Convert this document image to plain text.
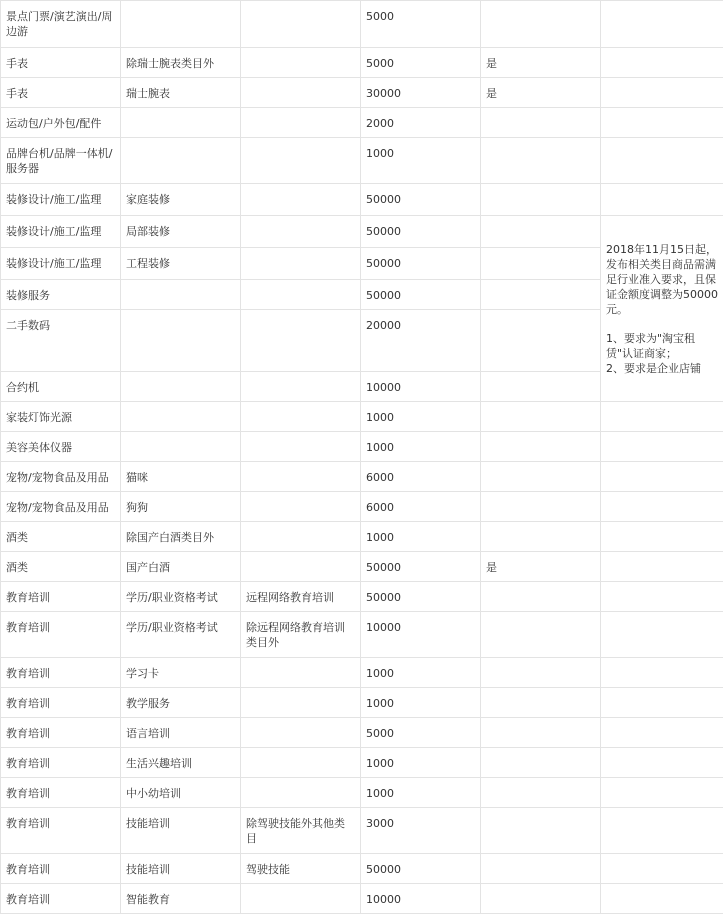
景点门票/演艺演出/周边游			5000		
手表	除瑞士腕表类目外		5000	是	
手表	瑞士腕表		30000	是	
运动包/户外包/配件			2000		
品牌台机/品牌一体机/服务器			1000		
装修设计/施工/监理	家庭装修		50000		
装修设计/施工/监理	局部装修		50000		2018年11月15日起，发布相关类目商品需满足行业准入要求，且保证金额度调整为50000元。
1、要求为"淘宝租赁"认证商家；
2、要求是企业店铺

装修设计/施工/监理	工程装修		50000		
装修服务			50000		
二手数码			20000		
合约机			10000		
家装灯饰光源			1000		
美容美体仪器			1000		
宠物/宠物食品及用品	猫咪		6000		
宠物/宠物食品及用品	狗狗		6000		
酒类	除国产白酒类目外		1000		
酒类	国产白酒		50000	是	
教育培训	学历/职业资格考试	远程网络教育培训	50000		
教育培训	学历/职业资格考试	除远程网络教育培训类目外	10000		
教育培训	学习卡		1000		
教育培训	教学服务		1000		
教育培训	语言培训		5000		
教育培训	生活兴趣培训		1000		
教育培训	中小幼培训		1000		
教育培训	技能培训	除驾驶技能外其他类目	3000		
教育培训	技能培训	驾驶技能	50000		
教育培训	智能教育		10000		
